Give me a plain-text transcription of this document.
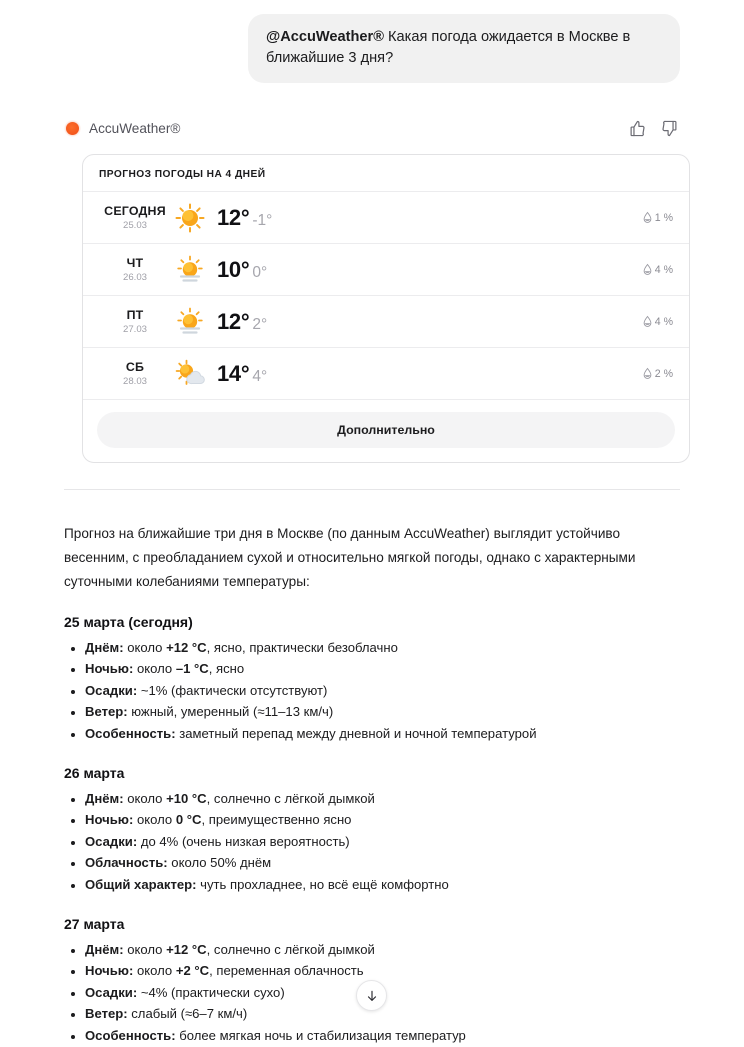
@AccuWeather® Какая погода ожидается в Москве в ближайшие 3 дня?
AccuWeather®
ПРОГНОЗ ПОГОДЫ НА 4 ДНЕЙ
СЕГОДНЯ
25.03	12° -1°	1 %
ЧТ
26.03	10° 0°	4 %
ПТ
27.03	12° 2°	4 %
СБ
28.03	14° 4°	2 %
Дополнительно

Прогноз на ближайшие три дня в Москве (по данным AccuWeather) выглядит устойчиво весенним, с преобладанием сухой и относительно мягкой погоды, однако с характерными суточными колебаниями температуры:

25 марта (сегодня)
• Днём: около +12 °C, ясно, практически безоблачно
• Ночью: около –1 °C, ясно
• Осадки: ~1% (фактически отсутствуют)
• Ветер: южный, умеренный (≈11–13 км/ч)
• Особенность: заметный перепад между дневной и ночной температурой
26 марта
• Днём: около +10 °C, солнечно с лёгкой дымкой
• Ночью: около 0 °C, преимущественно ясно
• Осадки: до 4% (очень низкая вероятность)
• Облачность: около 50% днём
• Общий характер: чуть прохладнее, но всё ещё комфортно
27 марта
• Днём: около +12 °C, солнечно с лёгкой дымкой
• Ночью: около +2 °C, переменная облачность
• Осадки: ~4% (практически сухо)
• Ветер: слабый (≈6–7 км/ч)
• Особенность: более мягкая ночь и стабилизация температур
